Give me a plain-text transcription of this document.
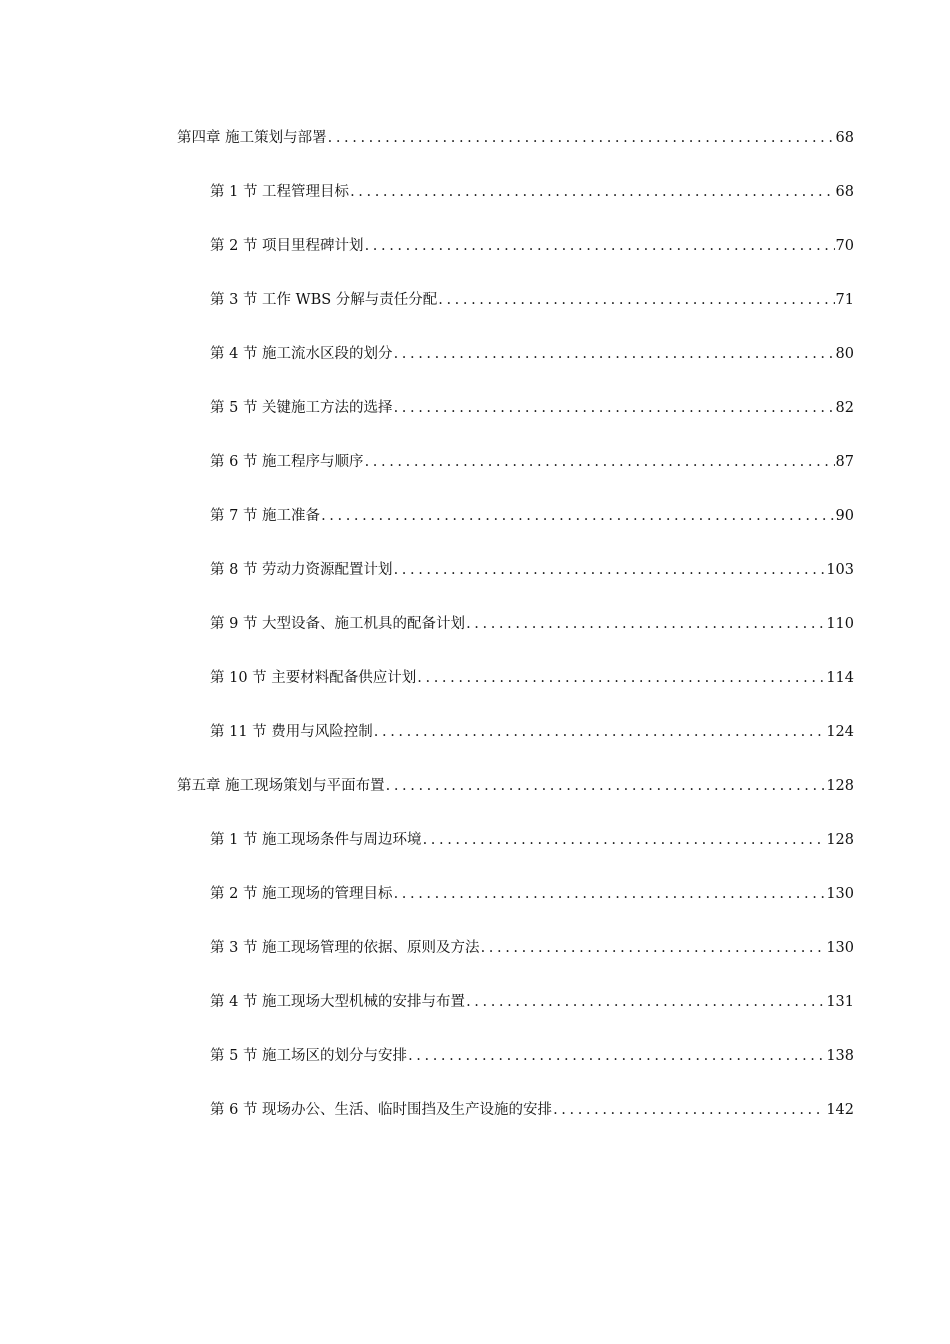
第四章 施工策划与部署 .....	68
第 1 节 工程管理目标 .....	68
第 2 节 项目里程碑计划 .....	70
第 3 节 工作 WBS 分解与责任分配 .....	71
第 4 节 施工流水区段的划分 .....	80
第 5 节 关键施工方法的选择 .....	82
第 6 节 施工程序与顺序 .....	87
第 7 节 施工准备 .....	90
第 8 节 劳动力资源配置计划 .....	103
第 9 节 大型设备、施工机具的配备计划 .....	110
第 10 节 主要材料配备供应计划 .....	114
第 11 节 费用与风险控制 .....	124
第五章 施工现场策划与平面布置 .....	128
第 1 节 施工现场条件与周边环境 .....	128
第 2 节 施工现场的管理目标 .....	130
第 3 节 施工现场管理的依据、原则及方法 .....	130
第 4 节 施工现场大型机械的安排与布置 .....	131
第 5 节 施工场区的划分与安排 .....	138
第 6 节 现场办公、生活、临时围挡及生产设施的安排 .....	142
